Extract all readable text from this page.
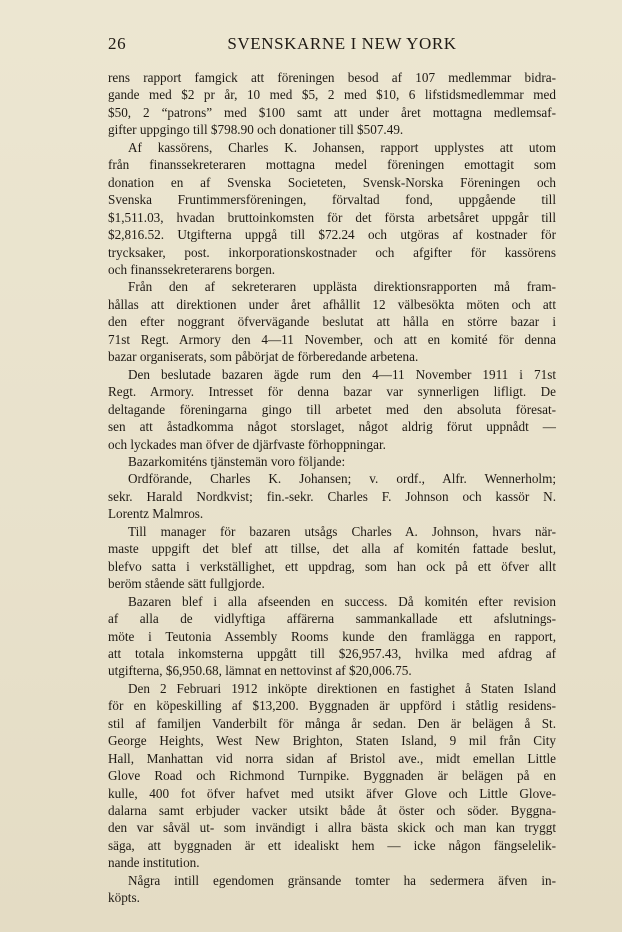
26	SVENSKARNE I NEW YORK
rens rapport famgick att föreningen besod af 107 medlemmar bidra-
gande med $2 pr år, 10 med $5, 2 med $10, 6 lifstidsmedlemmar med
$50, 2 “patrons” med $100 samt att under året mottagna medlemsaf-
gifter uppgingo till $798.90 och donationer till $507.49.
Af kassörens, Charles K. Johansen, rapport upplystes att utom
från finanssekreteraren mottagna medel föreningen emottagit som
donation en af Svenska Societeten, Svensk-Norska Föreningen och
Svenska Fruntimmersföreningen, förvaltad fond, uppgående till
$1,511.03, hvadan bruttoinkomsten för det första arbetsåret uppgår till
$2,816.52. Utgifterna uppgå till $72.24 och utgöras af kostnader för
trycksaker, post. inkorporationskostnader och afgifter för kassörens
och finanssekreterarens borgen.
Från den af sekreteraren upplästa direktionsrapporten må fram-
hållas att direktionen under året afhållit 12 välbesökta möten och att
den efter noggrant öfvervägande beslutat att hålla en större bazar i
71st Regt. Armory den 4—11 November, och att en komité för denna
bazar organiserats, som påbörjat de förberedande arbetena.
Den beslutade bazaren ägde rum den 4—11 November 1911 i 71st
Regt. Armory. Intresset för denna bazar var synnerligen lifligt. De
deltagande föreningarna gingo till arbetet med den absoluta föresat-
sen att åstadkomma något storslaget, något aldrig förut uppnådt —
och lyckades man öfver de djärfvaste förhoppningar.
Bazarkomiténs tjänstemän voro följande:
Ordförande, Charles K. Johansen; v. ordf., Alfr. Wennerholm;
sekr. Harald Nordkvist; fin.-sekr. Charles F. Johnson och kassör N.
Lorentz Malmros.
Till manager för bazaren utsågs Charles A. Johnson, hvars när-
maste uppgift det blef att tillse, det alla af komitén fattade beslut,
blefvo satta i verkställighet, ett uppdrag, som han ock på ett öfver allt
beröm stående sätt fullgjorde.
Bazaren blef i alla afseenden en success. Då komitén efter revision
af alla de vidlyftiga affärerna sammankallade ett afslutnings-
möte i Teutonia Assembly Rooms kunde den framlägga en rapport,
att totala inkomsterna uppgått till $26,957.43, hvilka med afdrag af
utgifterna, $6,950.68, lämnat en nettovinst af $20,006.75.
Den 2 Februari 1912 inköpte direktionen en fastighet å Staten Island
för en köpeskilling af $13,200. Byggnaden är uppförd i ståtlig residens-
stil af familjen Vanderbilt för många år sedan. Den är belägen å St.
George Heights, West New Brighton, Staten Island, 9 mil från City
Hall, Manhattan vid norra sidan af Bristol ave., midt emellan Little
Glove Road och Richmond Turnpike. Byggnaden är belägen på en
kulle, 400 fot öfver hafvet med utsikt äfver Glove och Little Glove-
dalarna samt erbjuder vacker utsikt både åt öster och söder. Byggna-
den var såväl ut- som invändigt i allra bästa skick och man kan tryggt
säga, att byggnaden är ett idealiskt hem — icke någon fängselelik-
nande institution.
Några intill egendomen gränsande tomter ha sedermera äfven in-
köpts.
